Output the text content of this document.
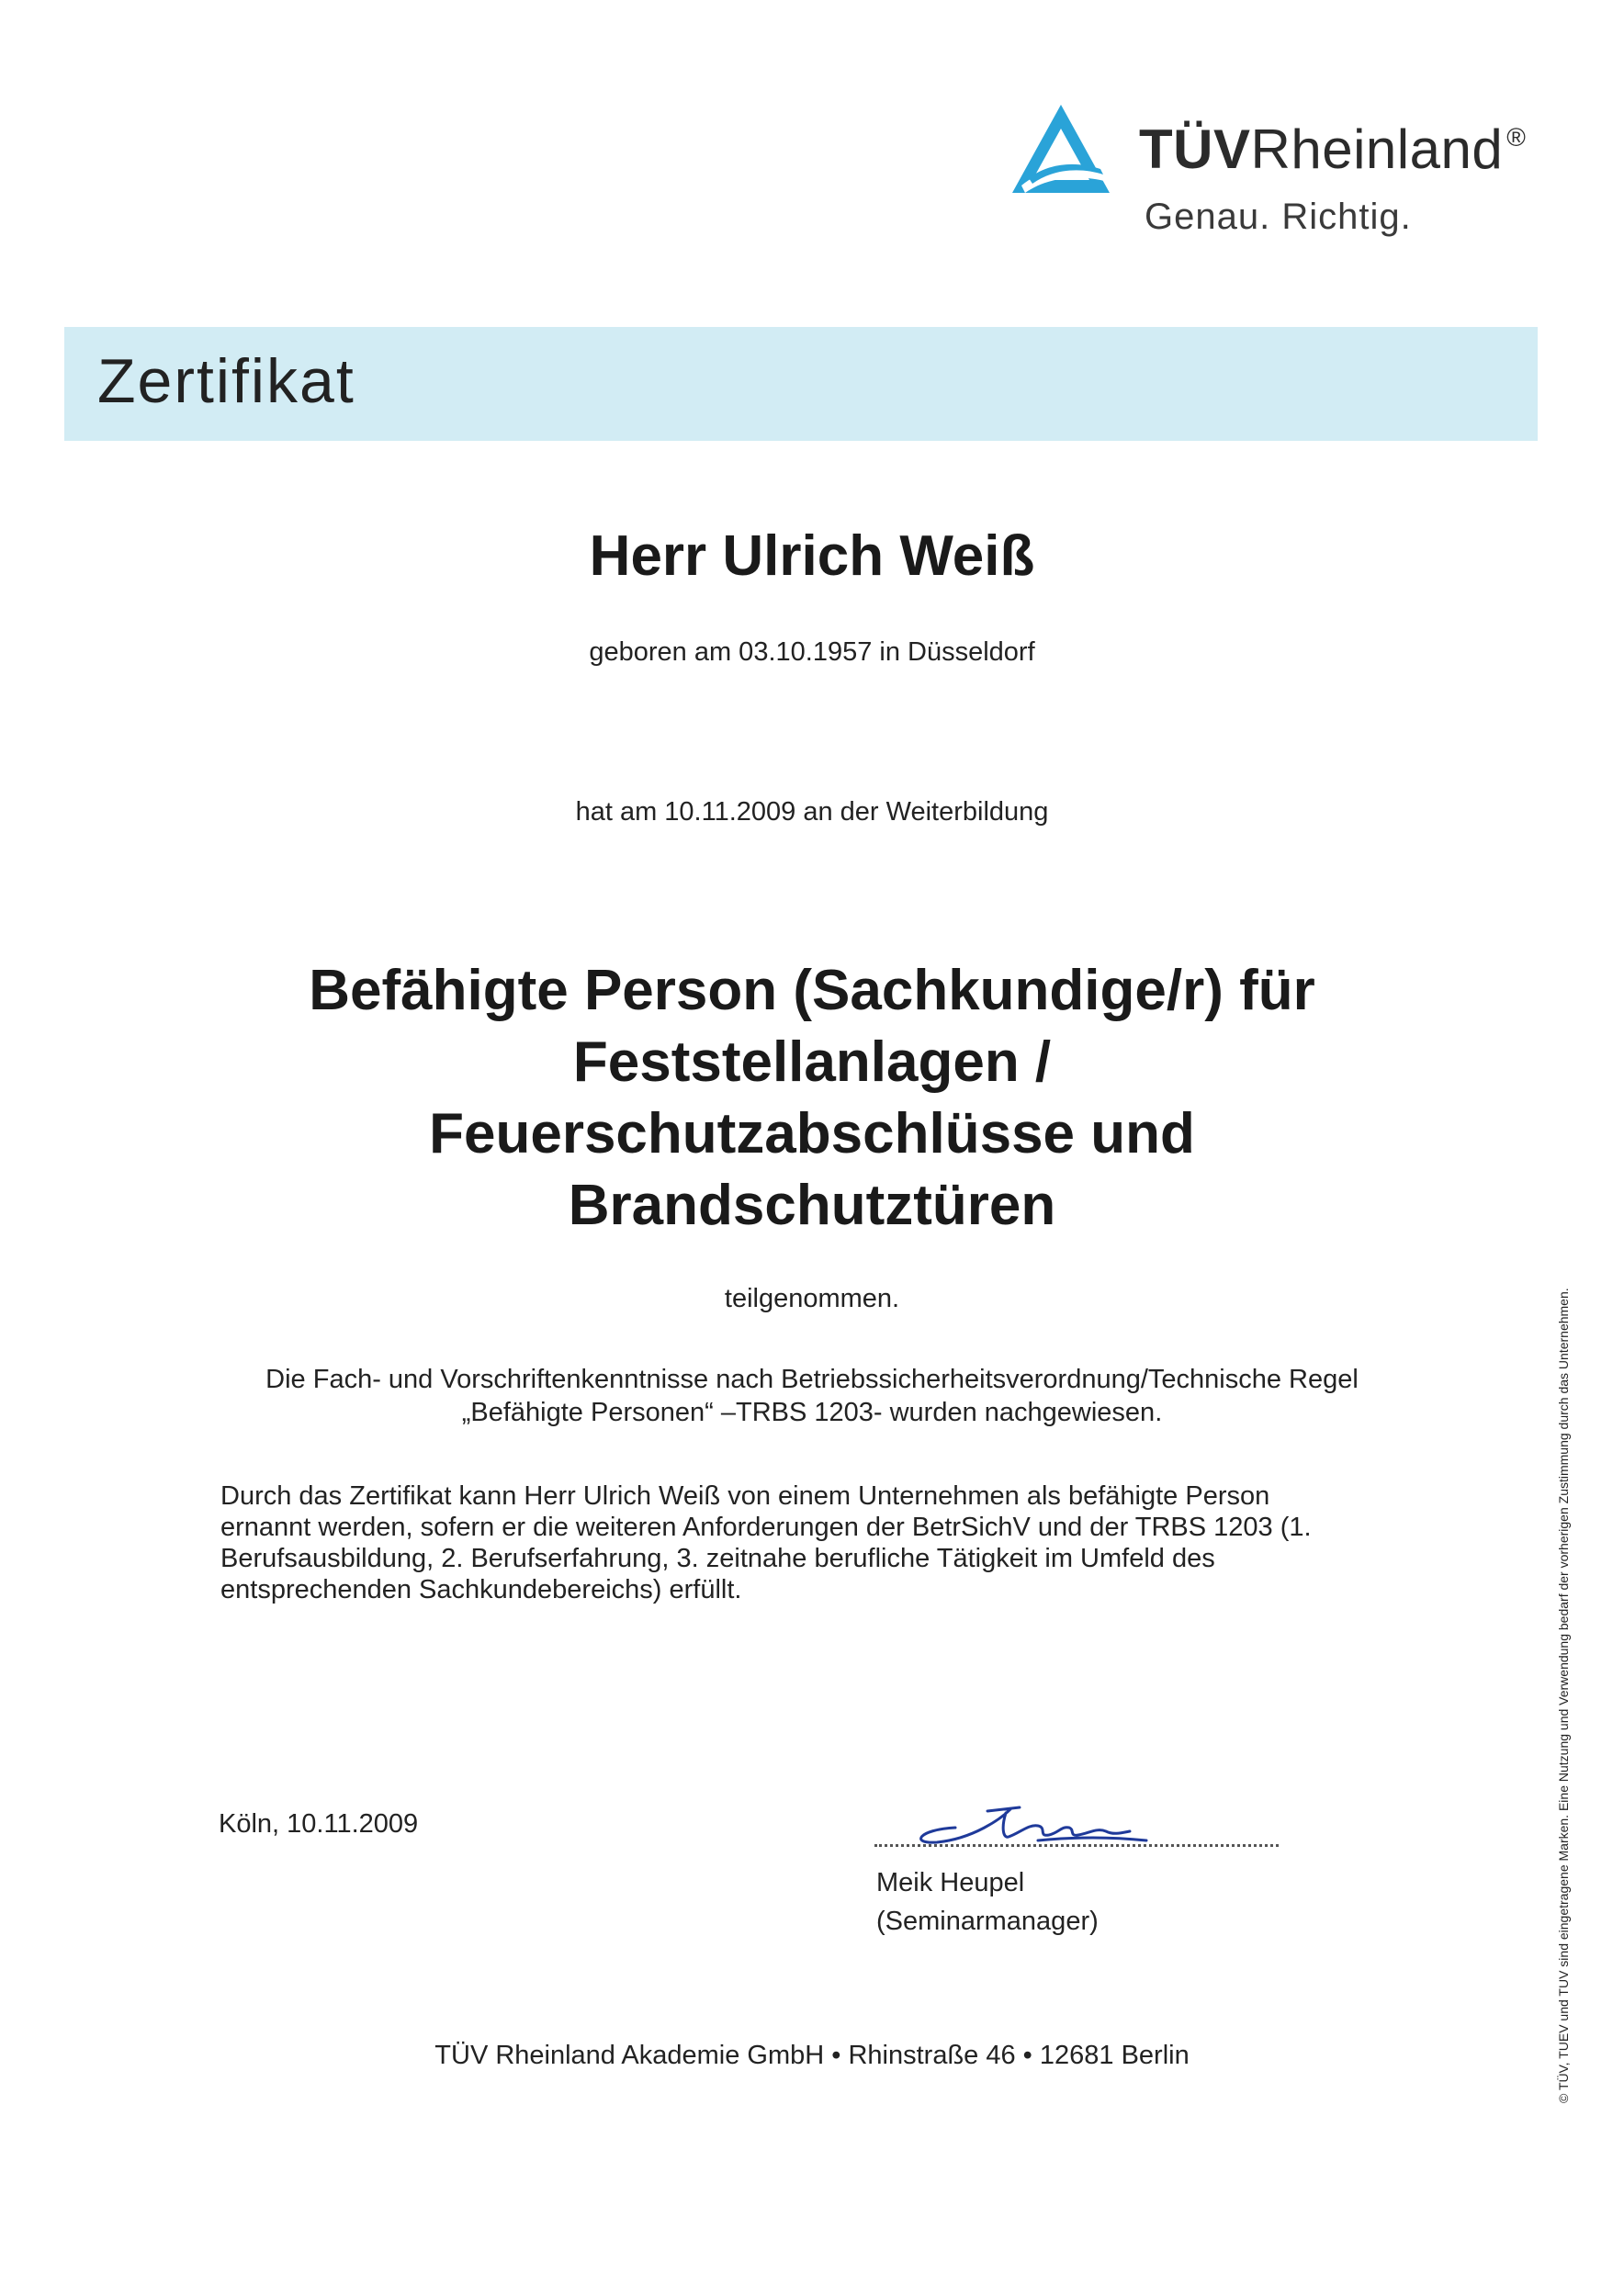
TÜVRheinland ®
Genau. Richtig.
Zertifikat
Herr Ulrich Weiß
geboren am 03.10.1957 in Düsseldorf
hat am 10.11.2009 an der Weiterbildung
Befähigte Person (Sachkundige/r) für
Feststellanlagen /
Feuerschutzabschlüsse und
Brandschutztüren
teilgenommen.
Die Fach- und Vorschriftenkenntnisse nach Betriebssicherheitsverordnung/Technische Regel
„Befähigte Personen“ –TRBS 1203- wurden nachgewiesen.
Durch das Zertifikat kann Herr Ulrich Weiß von einem Unternehmen als befähigte Person ernannt werden, sofern er die weiteren Anforderungen der BetrSichV und der TRBS 1203 (1. Berufsausbildung, 2. Berufserfahrung, 3. zeitnahe berufliche Tätigkeit im Umfeld des entsprechenden Sachkundebereichs) erfüllt.
Köln, 10.11.2009
Meik Heupel
(Seminarmanager)
TÜV Rheinland Akademie GmbH • Rhinstraße 46 • 12681 Berlin	© TÜV, TUEV und TUV sind eingetragene Marken. Eine Nutzung und Verwendung bedarf der vorherigen Zustimmung durch das Unternehmen.
